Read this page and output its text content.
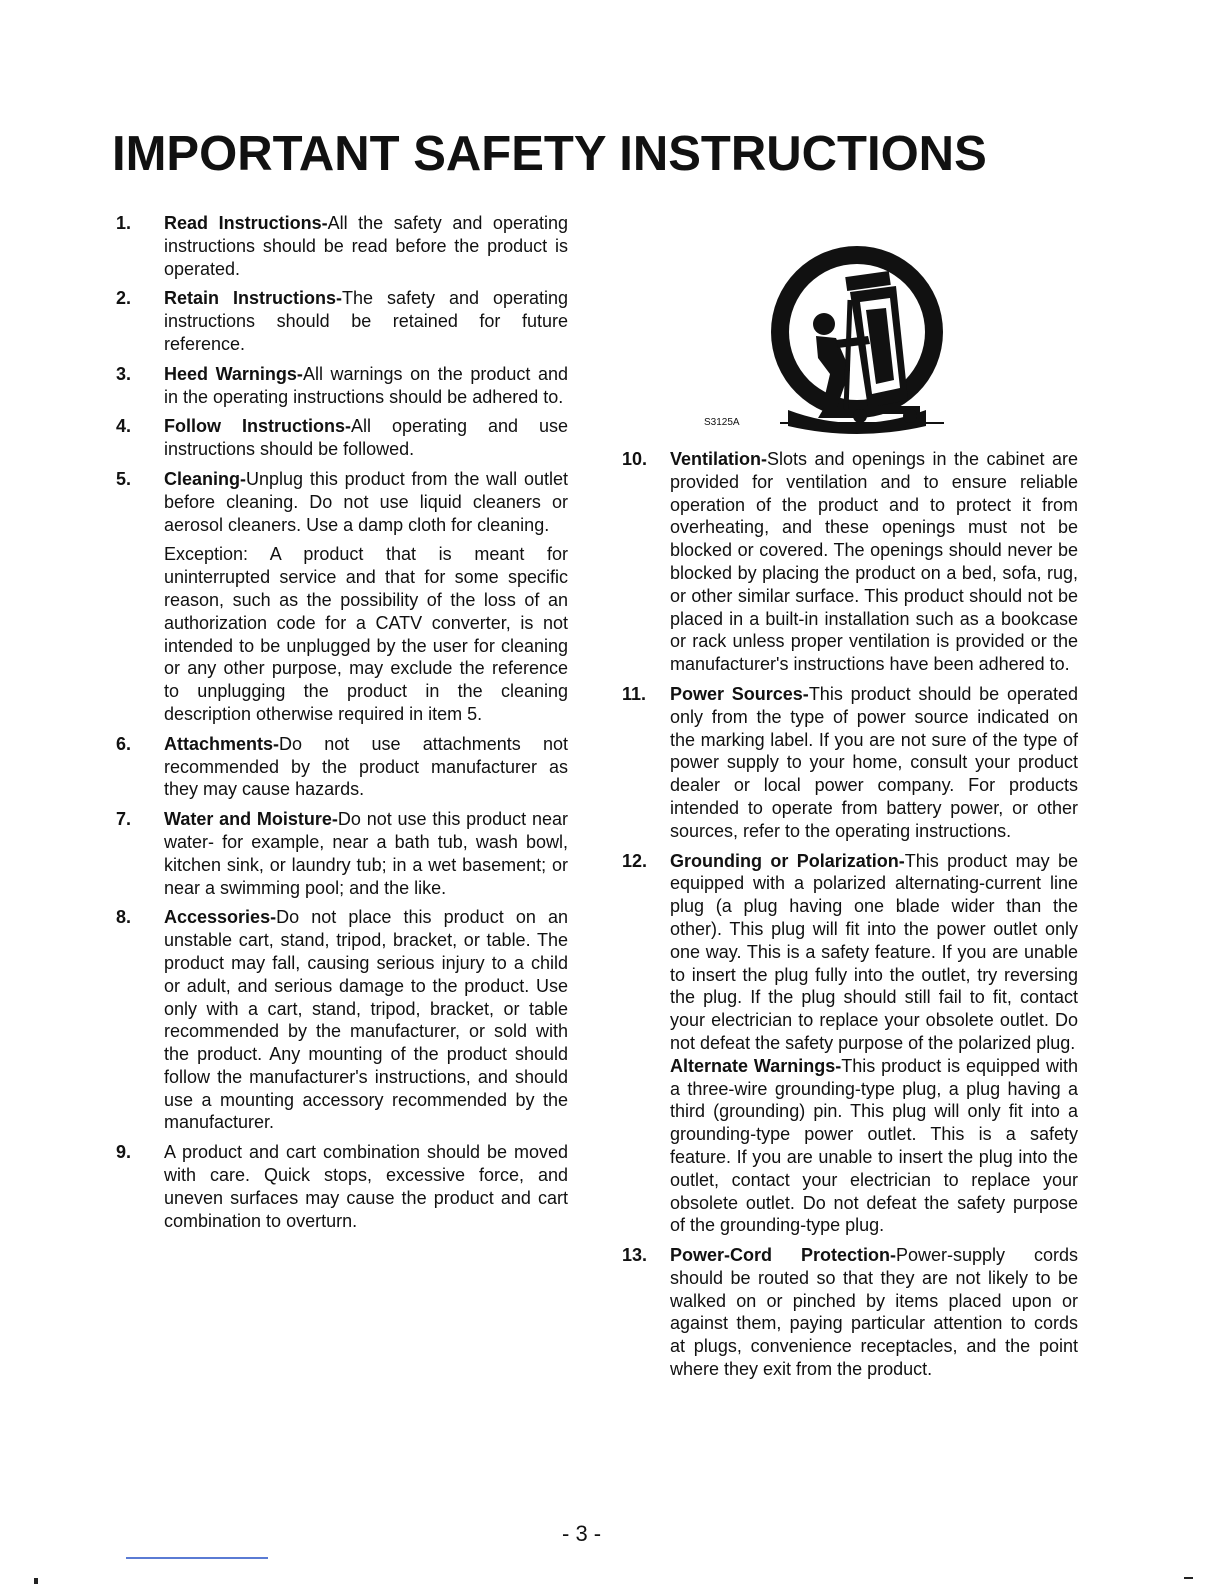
IMPORTANT SAFETY INSTRUCTIONS
1. Read Instructions-All the safety and operating instructions should be read before the product is operated.
2. Retain Instructions-The safety and operating instructions should be retained for future reference.
3. Heed Warnings-All warnings on the product and in the operating instructions should be adhered to.
4. Follow Instructions-All operating and use instructions should be followed.
5. Cleaning-Unplug this product from the wall outlet before cleaning. Do not use liquid cleaners or aerosol cleaners. Use a damp cloth for cleaning.
Exception: A product that is meant for uninterrupted service and that for some specific reason, such as the possibility of the loss of an authorization code for a CATV converter, is not intended to be unplugged by the user for cleaning or any other purpose, may exclude the reference to unplugging the product in the cleaning description otherwise required in item 5.
6. Attachments-Do not use attachments not recommended by the product manufacturer as they may cause hazards.
7. Water and Moisture-Do not use this product near water- for example, near a bath tub, wash bowl, kitchen sink, or laundry tub; in a wet basement; or near a swimming pool; and the like.
8. Accessories-Do not place this product on an unstable cart, stand, tripod, bracket, or table. The product may fall, causing serious injury to a child or adult, and serious damage to the product. Use only with a cart, stand, tripod, bracket, or table recommended by the manufacturer, or sold with the product. Any mounting of the product should follow the manufacturer's instructions, and should use a mounting accessory recommended by the manufacturer.
9. A product and cart combination should be moved with care. Quick stops, excessive force, and uneven surfaces may cause the product and cart combination to overturn.
S3125A
10. Ventilation-Slots and openings in the cabinet are provided for ventilation and to ensure reliable operation of the product and to protect it from overheating, and these openings must not be blocked or covered. The openings should never be blocked by placing the product on a bed, sofa, rug, or other similar surface. This product should not be placed in a built-in installation such as a bookcase or rack unless proper ventilation is provided or the manufacturer's instructions have been adhered to.
11. Power Sources-This product should be operated only from the type of power source indicated on the marking label. If you are not sure of the type of power supply to your home, consult your product dealer or local power company. For products intended to operate from battery power, or other sources, refer to the operating instructions.
12. Grounding or Polarization-This product may be equipped with a polarized alternating-current line plug (a plug having one blade wider than the other). This plug will fit into the power outlet only one way. This is a safety feature. If you are unable to insert the plug fully into the outlet, try reversing the plug. If the plug should still fail to fit, contact your electrician to replace your obsolete outlet. Do not defeat the safety purpose of the polarized plug.
Alternate Warnings-This product is equipped with a three-wire grounding-type plug, a plug having a third (grounding) pin. This plug will only fit into a grounding-type power outlet. This is a safety feature. If you are unable to insert the plug into the outlet, contact your electrician to replace your obsolete outlet. Do not defeat the safety purpose of the grounding-type plug.
13. Power-Cord Protection-Power-supply cords should be routed so that they are not likely to be walked on or pinched by items placed upon or against them, paying particular attention to cords at plugs, convenience receptacles, and the point where they exit from the product.
- 3 -
